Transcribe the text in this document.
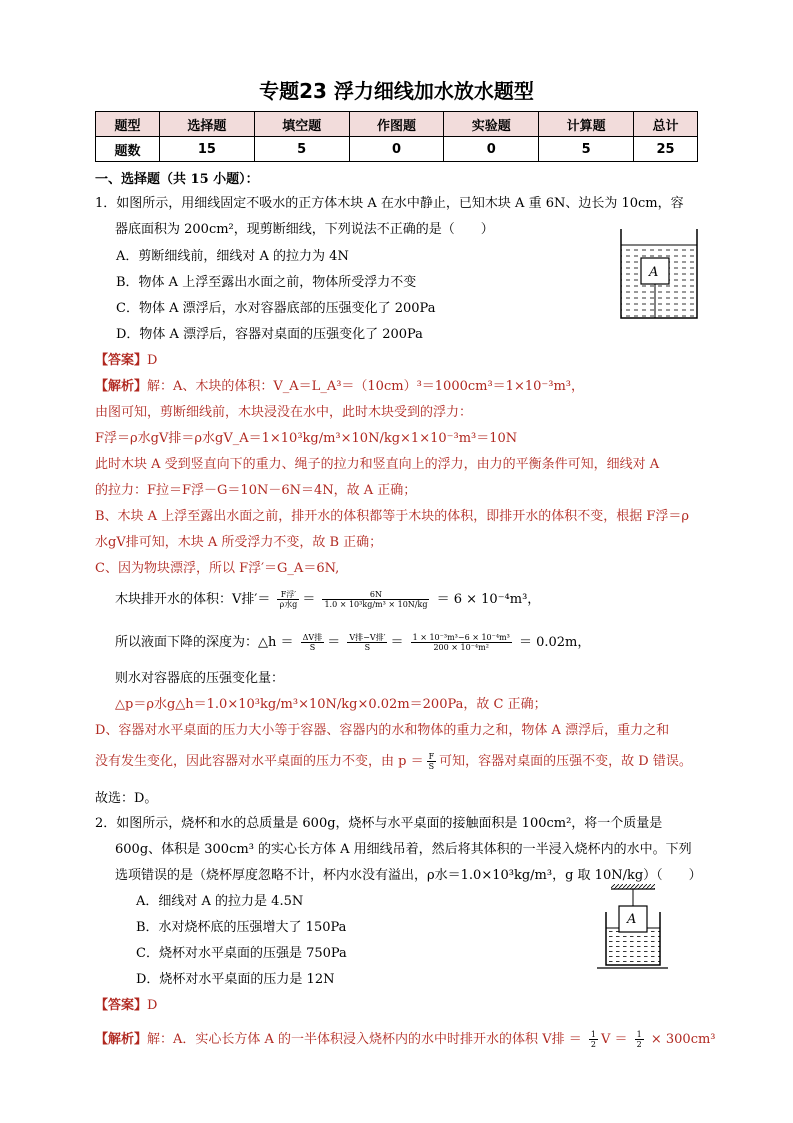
专题23 浮力细线加水放水题型
题型	选择题	填空题	作图题	实验题	计算题	总计
题数	15	5	0	0	5	25
一、选择题（共 15 小题）：
1．如图所示，用细线固定不吸水的正方体木块 A 在水中静止，已知木块 A 重 6N、边长为 10cm，容
器底面积为 200cm²，现剪断细线，下列说法不正确的是（　　）
A．剪断细线前，细线对 A 的拉力为 4N
B．物体 A 上浮至露出水面之前，物体所受浮力不变
C．物体 A 漂浮后，水对容器底部的压强变化了 200Pa
D．物体 A 漂浮后，容器对桌面的压强变化了 200Pa
A
【答案】D
【解析】解：A、木块的体积：V_A＝L_A³＝（10cm）³＝1000cm³＝1×10⁻³m³，
由图可知，剪断细线前，木块浸没在水中，此时木块受到的浮力：
F浮＝ρ水gV排＝ρ水gV_A＝1×10³kg/m³×10N/kg×1×10⁻³m³＝10N
此时木块 A 受到竖直向下的重力、绳子的拉力和竖直向上的浮力，由力的平衡条件可知，细线对 A
的拉力：F拉＝F浮－G＝10N－6N＝4N，故 A 正确；
B、木块 A 上浮至露出水面之前，排开水的体积都等于木块的体积，即排开水的体积不变，根据 F浮＝ρ
水gV排可知，木块 A 所受浮力不变，故 B 正确；
C、因为物块漂浮，所以 F浮′＝G_A＝6N,
木块排开水的体积：V排′＝ $\frac{\text{F浮′}}{\text{ρ水g}} = \frac{6N}{\text{1.0 × 10³kg/m³ × 10N/kg}} = 6 \times 10^{-4}m^3$，
所以液面下降的深度为：△h ＝ $\frac{\text{ΔV排}}{S} = \frac{\text{V排−V排′}}{S} = \frac{\text{1 × 10⁻³m³−6 × 10⁻⁴m³}}{\text{200 × 10⁻⁴m²}} = 0.02m$，
则水对容器底的压强变化量：
△p＝ρ水g△h＝1.0×10³kg/m³×10N/kg×0.02m＝200Pa，故 C 正确；
D、容器对水平桌面的压力大小等于容器、容器内的水和物体的重力之和，物体 A 漂浮后，重力之和
没有发生变化，因此容器对水平桌面的压力不变，由 $p = \frac{F}{S}$ 可知，容器对桌面的压强不变，故 D 错误。
故选：D。
2．如图所示，烧杯和水的总质量是 600g，烧杯与水平桌面的接触面积是 100cm²，将一个质量是
600g、体积是 300cm³ 的实心长方体 A 用细线吊着，然后将其体积的一半浸入烧杯内的水中。下列
选项错误的是（烧杯厚度忽略不计，杯内水没有溢出，ρ水＝1.0×10³kg/m³，g 取 10N/kg）（　　）
A．细线对 A 的拉力是 4.5N
B．水对烧杯底的压强增大了 150Pa
C．烧杯对水平桌面的压强是 750Pa
D．烧杯对水平桌面的压力是 12N
A
【答案】D
【解析】解：A．实心长方体 A 的一半体积浸入烧杯内的水中时排开水的体积 V排 ＝ $\frac{1}{2}$ $V = \frac{1}{2} \times 300cm^3$
